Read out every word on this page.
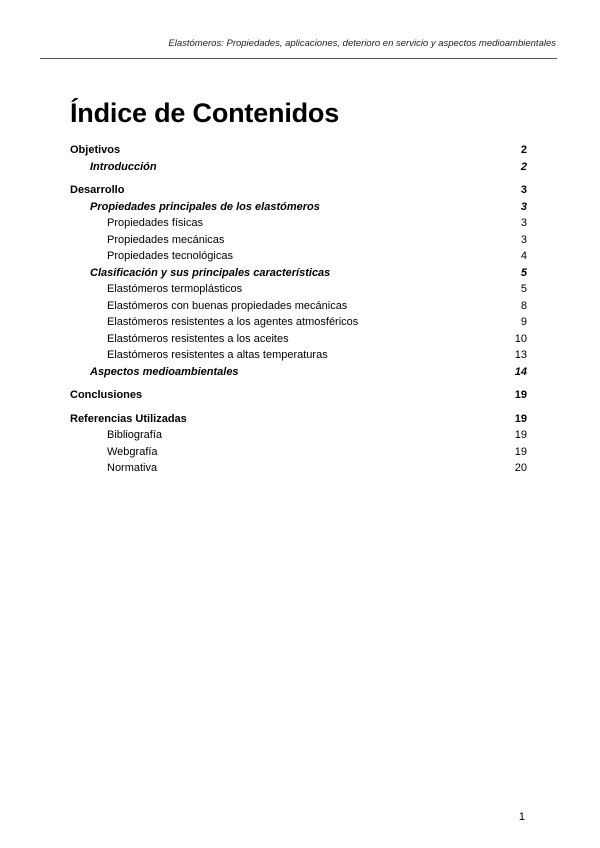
Elastómeros: Propiedades, aplicaciones, deterioro en servicio y aspectos medioambientales
Índice de Contenidos
Objetivos	2
Introducción	2
Desarrollo	3
Propiedades principales de los elastómeros	3
Propiedades físicas	3
Propiedades mecánicas	3
Propiedades tecnológicas	4
Clasificación y sus principales características	5
Elastómeros termoplásticos	5
Elastómeros con buenas propiedades mecánicas	8
Elastómeros resistentes a los agentes atmosféricos	9
Elastómeros resistentes a los aceites	10
Elastómeros resistentes a altas temperaturas	13
Aspectos medioambientales	14
Conclusiones	19
Referencias Utilizadas	19
Bibliografía	19
Webgrafía	19
Normativa	20
1
